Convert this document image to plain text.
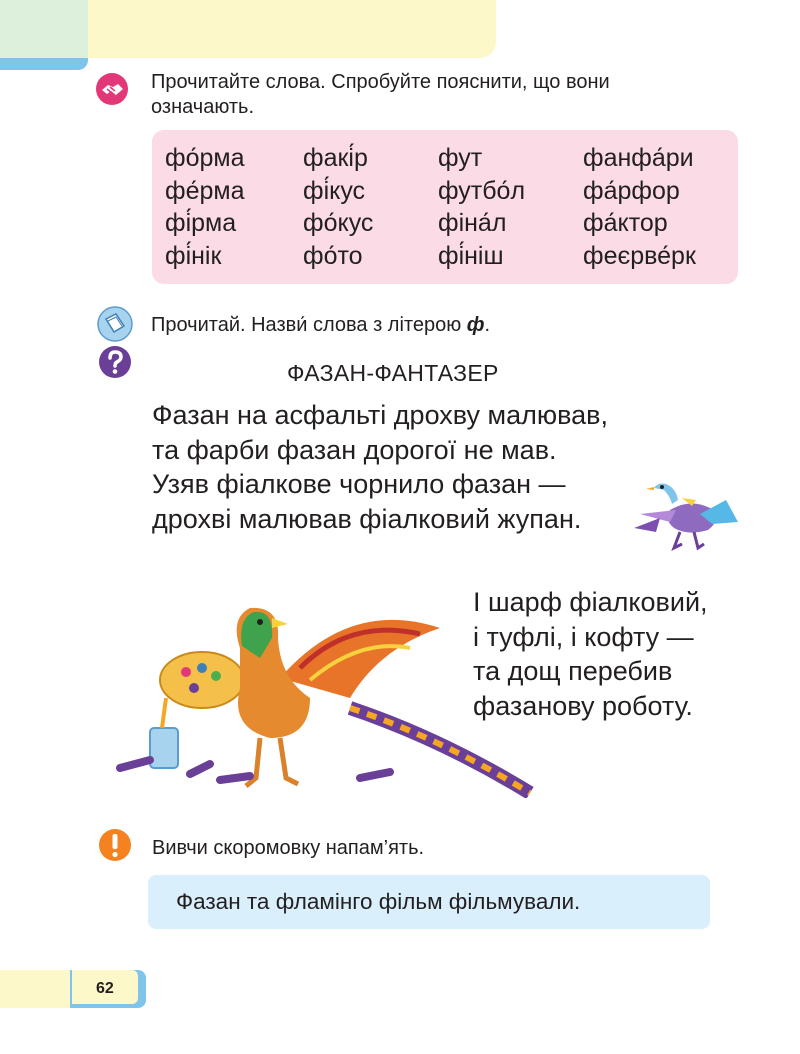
Прочитайте слова. Спробуйте пояснити, що вони
означають.
фо́рма
фе́рма
фі́рма
фі́нік
факі́р
фі́кус
фо́кус
фо́то
фут
футбо́л
фіна́л
фі́ніш
фанфа́ри
фа́рфор
фа́ктор
феєрве́рк
Прочитай. Назви́ слова з літерою ф.
ФАЗАН-ФАНТАЗЕР
Фазан на асфальті дрохву малював,
та фарби фазан дорогої не мав.
Узяв фіалкове чорнило фазан —
дрохві малював фіалковий жупан.
І шарф фіалковий,
і туфлі, і кофту —
та дощ перебив
фазанову роботу.
Вивчи скоромовку напам’ять.
Фазан та фламінго фільм фільмували.
62
